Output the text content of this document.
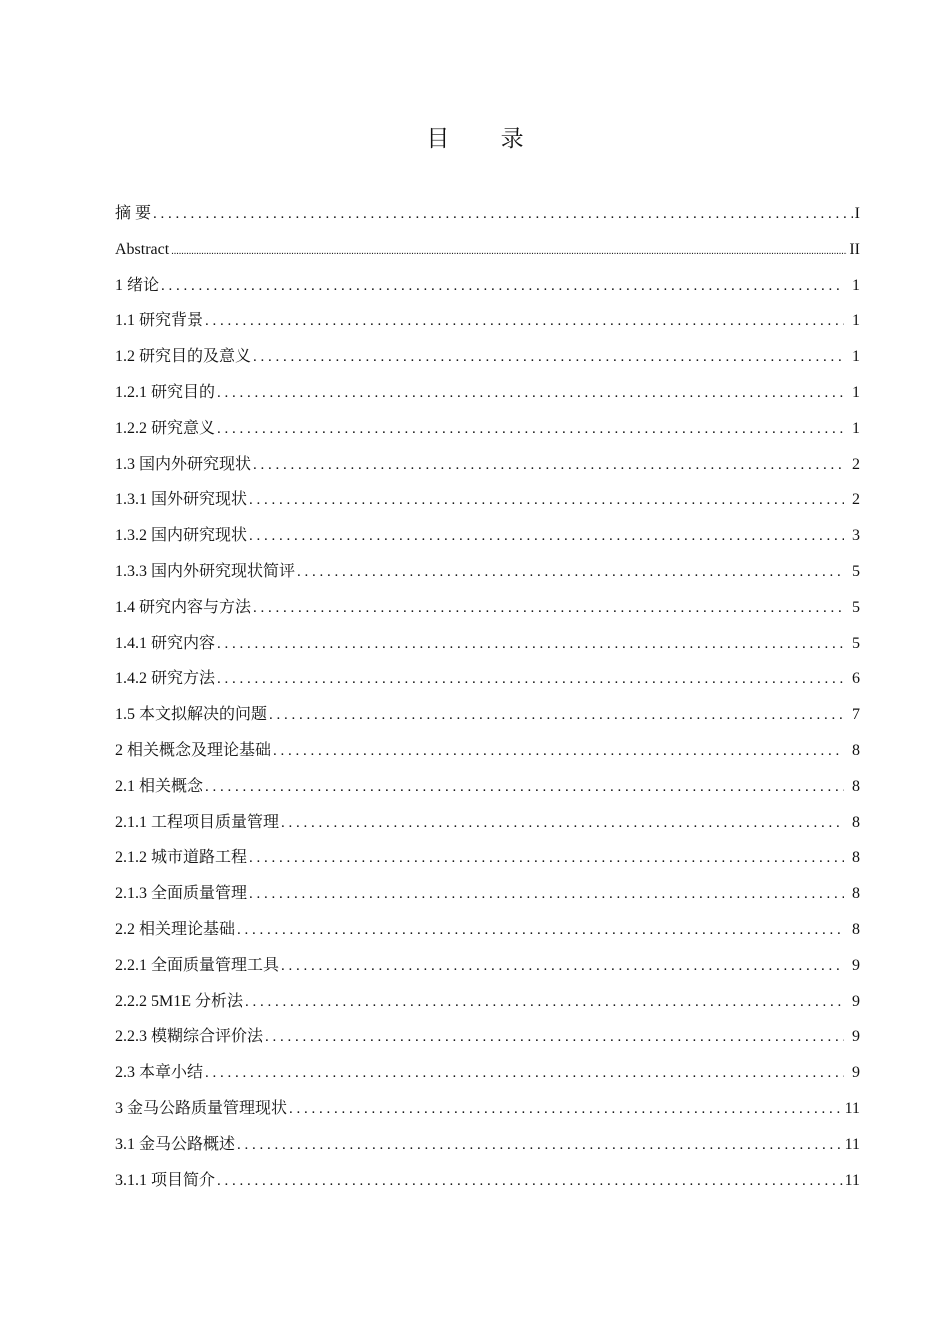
目 录
摘 要 . . .	I
Abstract .....	II
1 绪论 . . .	1
1.1 研究背景 . . .	1
1.2 研究目的及意义 . . .	1
1.2.1 研究目的 . . .	1
1.2.2 研究意义 . . .	1
1.3 国内外研究现状 . . .	2
1.3.1 国外研究现状 . . .	2
1.3.2 国内研究现状 . . .	3
1.3.3 国内外研究现状简评 . . .	5
1.4 研究内容与方法 . . .	5
1.4.1 研究内容 . . .	5
1.4.2 研究方法 . . .	6
1.5 本文拟解决的问题 . . .	7
2 相关概念及理论基础 . . .	8
2.1 相关概念 . . .	8
2.1.1 工程项目质量管理 . . .	8
2.1.2 城市道路工程 . . .	8
2.1.3 全面质量管理 . . .	8
2.2 相关理论基础 . . .	8
2.2.1 全面质量管理工具 . . .	9
2.2.2 5M1E 分析法 . . .	9
2.2.3 模糊综合评价法 . . .	9
2.3 本章小结 . . .	9
3 金马公路质量管理现状 . . .	11
3.1 金马公路概述 . . .	11
3.1.1 项目简介 . . .	11
